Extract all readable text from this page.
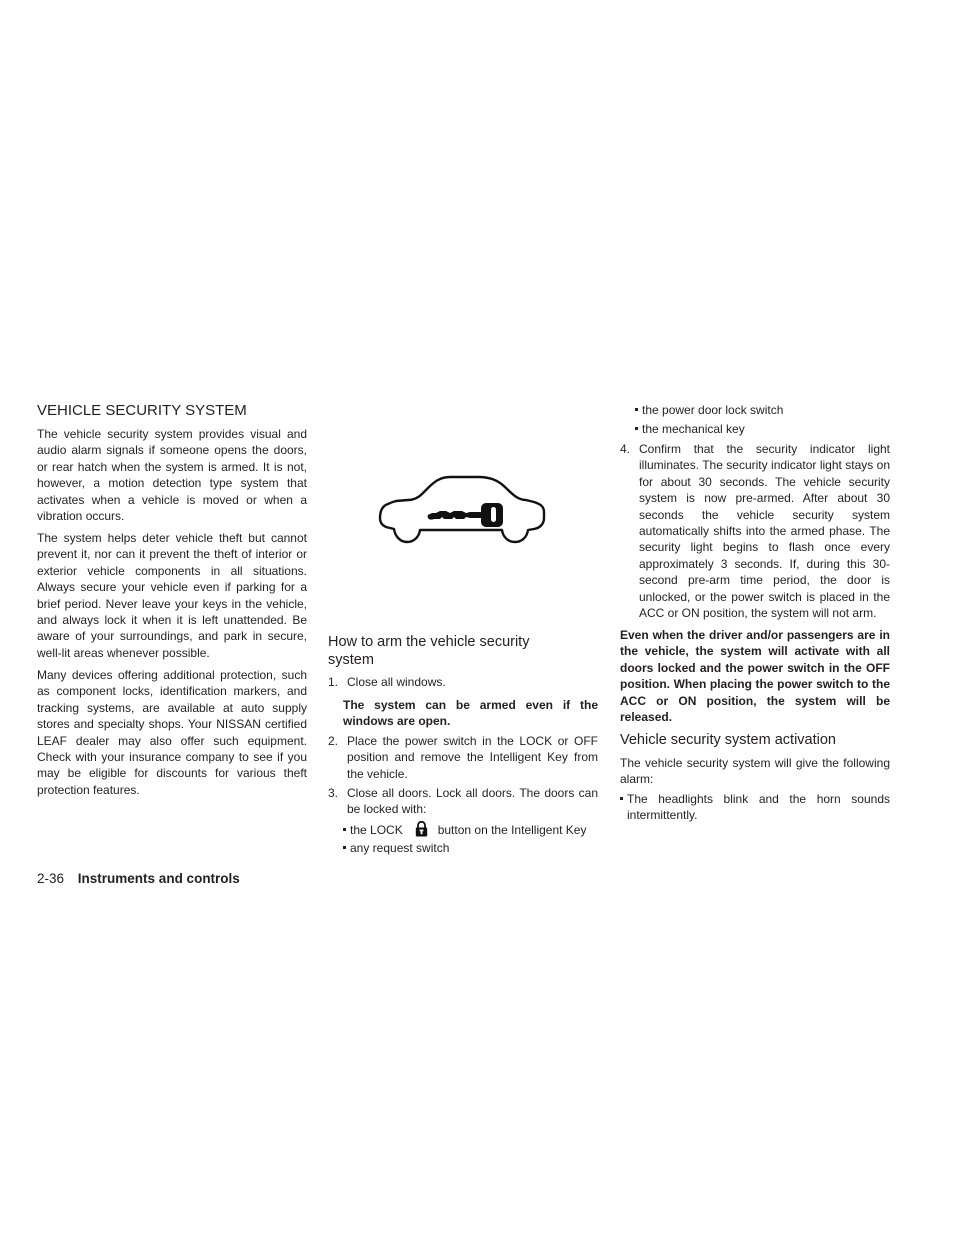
VEHICLE SECURITY SYSTEM

The vehicle security system provides visual and audio alarm signals if someone opens the doors, or rear hatch when the system is armed. It is not, however, a motion detection type system that activates when a vehicle is moved or when a vibration occurs.

The system helps deter vehicle theft but cannot prevent it, nor can it prevent the theft of interior or exterior vehicle components in all situations. Always secure your vehicle even if parking for a brief period. Never leave your keys in the vehicle, and always lock it when it is left unattended. Be aware of your surroundings, and park in secure, well-lit areas whenever possible.

Many devices offering additional protection, such as component locks, identification markers, and tracking systems, are available at auto supply stores and specialty shops. Your NISSAN certified LEAF dealer may also offer such equipment. Check with your insurance company to see if you may be eligible for discounts for various theft protection features.

How to arm the vehicle security system
1. Close all windows.

The system can be armed even if the windows are open.

2. Place the power switch in the LOCK or OFF position and remove the Intelligent Key from the vehicle.
3. Close all doors. Lock all doors. The doors can be locked with:
the LOCK	button on the Intelligent Key
any request switch
the power door lock switch
the mechanical key
4. Confirm that the security indicator light illuminates. The security indicator light stays on for about 30 seconds. The vehicle security system is now pre-armed. After about 30 seconds the vehicle security system automatically shifts into the armed phase. The security light begins to flash once every approximately 3 seconds. If, during this 30-second pre-arm time period, the door is unlocked, or the power switch is placed in the ACC or ON position, the system will not arm.

Even when the driver and/or passengers are in the vehicle, the system will activate with all doors locked and the power switch in the OFF position. When placing the power switch to the ACC or ON position, the system will be released.

Vehicle security system activation

The vehicle security system will give the following alarm:

The headlights blink and the horn sounds intermittently.
2-36 Instruments and controls
